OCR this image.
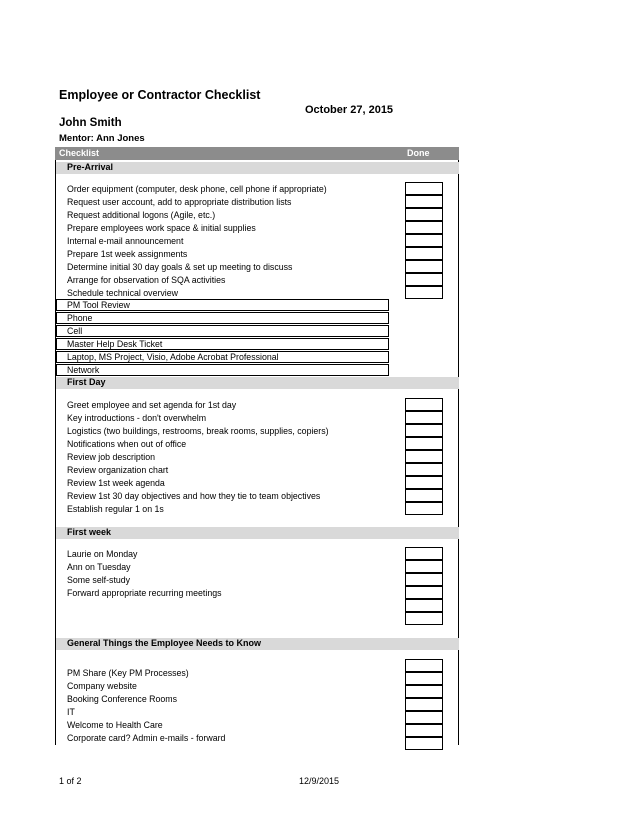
Employee or Contractor Checklist
October 27, 2015
John Smith
Mentor: Ann Jones
Checklist	Done
Pre-Arrival
Order equipment (computer, desk phone, cell phone if appropriate)
Request user account, add to appropriate distribution lists
Request additional logons (Agile, etc.)
Prepare employees work space & initial supplies
Internal e-mail announcement
Prepare 1st week assignments
Determine initial 30 day goals & set up meeting to discuss
Arrange for observation of SQA activities
Schedule technical overview
PM Tool Review
Phone
Cell
Master Help Desk Ticket
Laptop, MS Project, Visio, Adobe Acrobat Professional
Network
First Day
Greet employee and set agenda for 1st day
Key introductions - don't overwhelm
Logistics (two buildings, restrooms, break rooms, supplies, copiers)
Notifications when out of office
Review job description
Review organization chart
Review 1st week agenda
Review 1st 30 day objectives and how they tie to team objectives
Establish regular 1 on 1s
First week
Laurie on Monday
Ann on Tuesday
Some self-study
Forward appropriate recurring meetings
General Things the Employee Needs to Know
PM Share (Key PM Processes)
Company website
Booking Conference Rooms
IT
Welcome to Health Care
Corporate card? Admin e-mails - forward
1 of 2	12/9/2015
